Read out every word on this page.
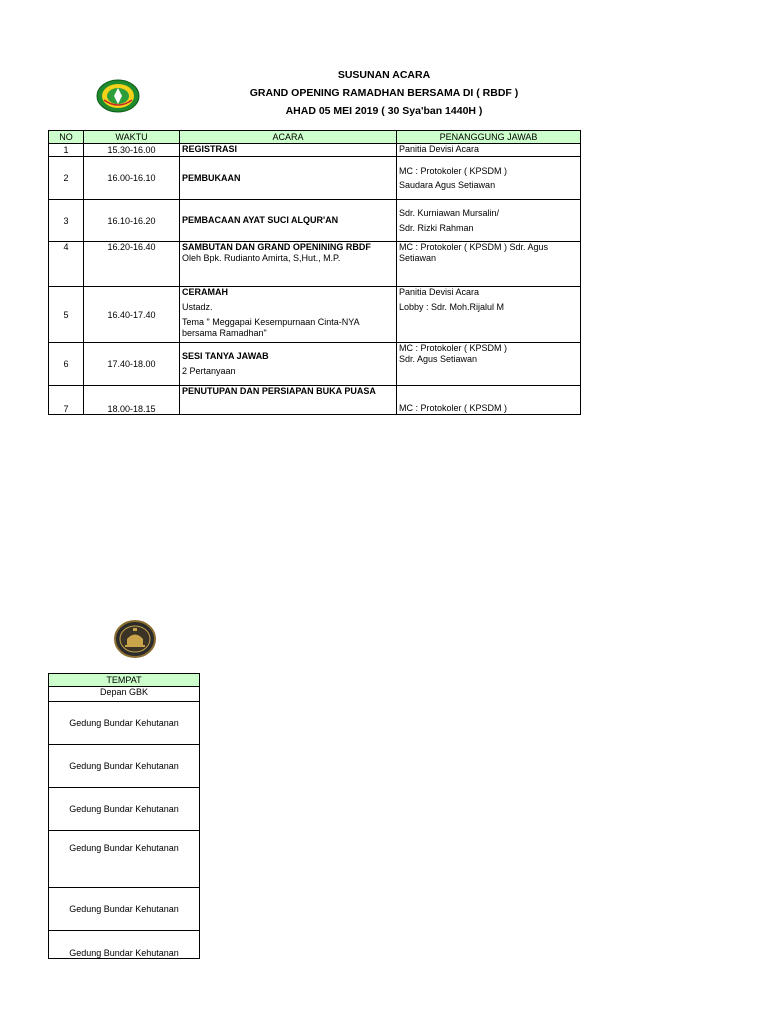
SUSUNAN ACARA
GRAND OPENING RAMADHAN BERSAMA DI ( RBDF )
AHAD 05 MEI 2019 ( 30 Sya'ban 1440H )
NO	WAKTU	ACARA	PENANGGUNG JAWAB
1	15.30-16.00	REGISTRASI	Panitia Devisi Acara

2	16.00-16.10	PEMBUKAAN	MC : Protokoler ( KPSDM )
Saudara Agus Setiawan

3	16.10-16.20	PEMBACAAN AYAT SUCI ALQUR'AN	Sdr. Kurniawan Mursalin/
Sdr. Rizki Rahman

4	16.20-16.40	SAMBUTAN DAN GRAND OPENINING RBDF
Oleh Bpk. Rudianto Amirta, S,Hut., M.P.	MC : Protokoler ( KPSDM ) Sdr. Agus
Setiawan

5	16.40-17.40	CERAMAH
Ustadz.
Tema " Meggapai Kesempurnaan Cinta-NYA
bersama Ramadhan"	Panitia Devisi Acara
Lobby : Sdr. Moh.Rijalul M

6	17.40-18.00	SESI TANYA JAWAB
2 Pertanyaan	MC : Protokoler ( KPSDM )
Sdr. Agus Setiawan

7	18.00-18.15	PENUTUPAN DAN PERSIAPAN BUKA PUASA	MC : Protokoler ( KPSDM )
TEMPAT
Depan GBK
Gedung Bundar Kehutanan
Gedung Bundar Kehutanan
Gedung Bundar Kehutanan
Gedung Bundar Kehutanan
Gedung Bundar Kehutanan
Gedung Bundar Kehutanan
